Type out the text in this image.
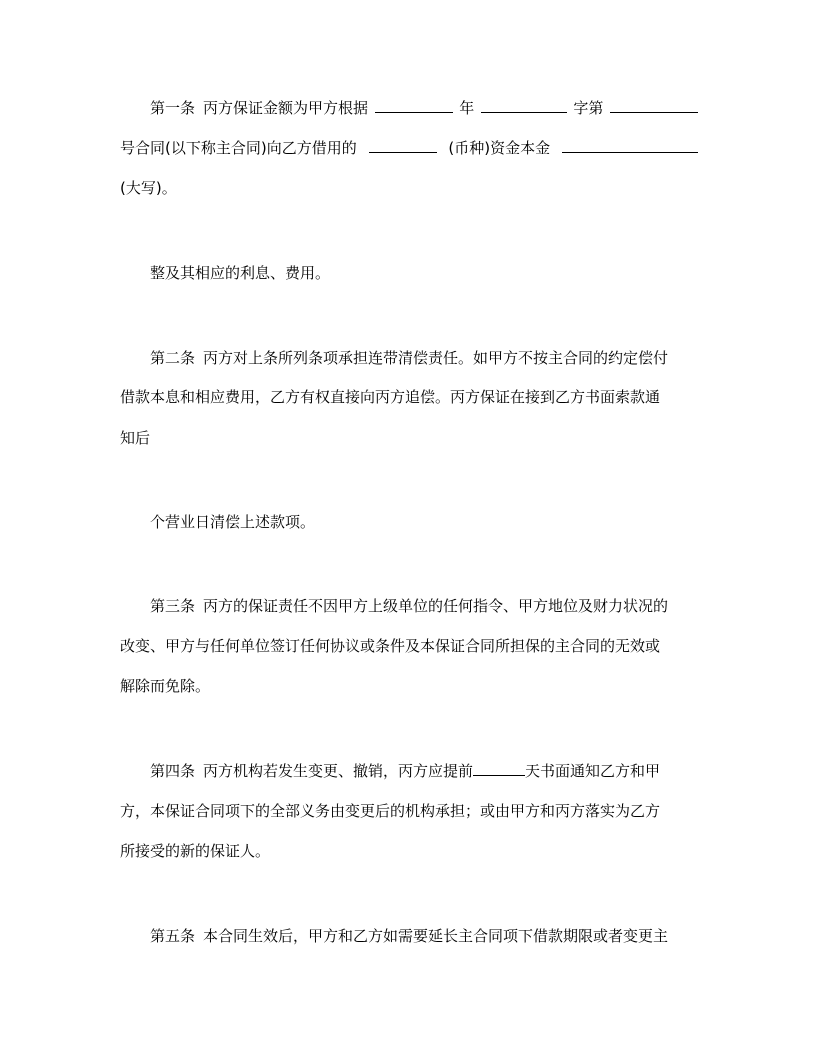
第一条 丙方保证金额为甲方根据	年	字第
号合同(以下称主合同)向乙方借用的	(币种)资金本金
(大写)。
整及其相应的利息、费用。
第二条 丙方对上条所列条项承担连带清偿责任。如甲方不按主合同的约定偿付
借款本息和相应费用，乙方有权直接向丙方追偿。丙方保证在接到乙方书面索款通
知后
个营业日清偿上述款项。
第三条 丙方的保证责任不因甲方上级单位的任何指令、甲方地位及财力状况的
改变、甲方与任何单位签订任何协议或条件及本保证合同所担保的主合同的无效或
解除而免除。
第四条 丙方机构若发生变更、撤销，丙方应提前	天书面通知乙方和甲
方，本保证合同项下的全部义务由变更后的机构承担；或由甲方和丙方落实为乙方
所接受的新的保证人。
第五条 本合同生效后，甲方和乙方如需要延长主合同项下借款期限或者变更主
